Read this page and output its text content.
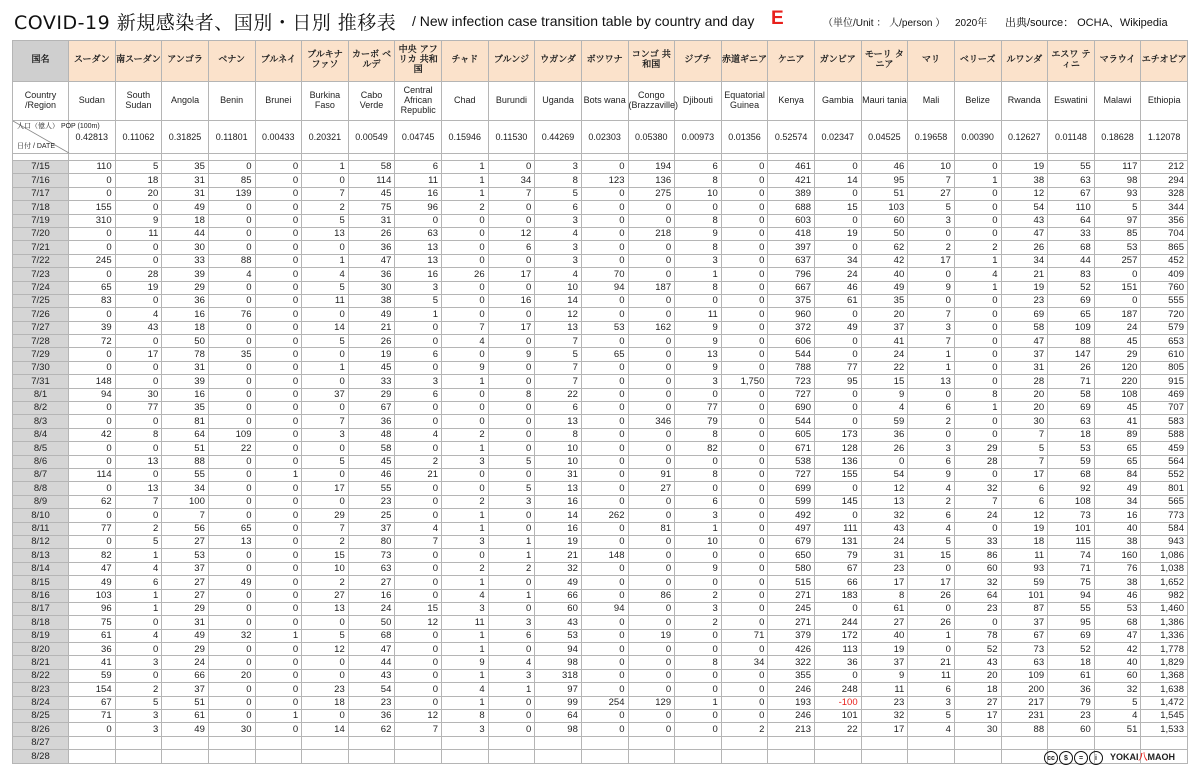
COVID-19 新規感染者、国別・日別 推移表 / New infection case transition table by country and day E	（単位/Unit ： 人/person ） 2020年 出典/source： OCHA、Wikipedia
国名	スーダン	南スーダン	アンゴラ	ベナン	ブルネイ	ブルキナ ファソ	カーボ ベルデ	中央 アフリカ 共和国	チャド	ブルンジ	ウガンダ	ボツワナ	コンゴ 共和国	ジブチ	赤道ギニア	ケニア	ガンビア	モーリ タニア	マリ	ベリーズ	ルワンダ	エスワ ティニ	マラウイ	エチオピア
Country /Region	Sudan	South Sudan	Angola	Benin	Brunei	Burkina Faso	Cabo Verde	Central African Republic	Chad	Burundi	Uganda	Bots wana	Congo (Brazzaville)	Djibouti	Equatorial Guinea	Kenya	Gambia	Mauri tania	Mali	Belize	Rwanda	Eswatini	Malawi	Ethiopia

人口（億人） POP (100m)
日付 / DATE	0.42813	0.11062	0.31825	0.11801	0.00433	0.20321	0.00549	0.04745	0.15946	0.11530	0.44269	0.02303	0.05380	0.00973	0.01356	0.52574	0.02347	0.04525	0.19658	0.00390	0.12627	0.01148	0.18628	1.12078

7/15	110	5	35	0	0	1	58	6	1	0	3	0	194	6	0	461	0	46	10	0	19	55	117	212
7/16	0	18	31	85	0	0	114	11	1	34	8	123	136	8	0	421	14	95	7	1	38	63	98	294
7/17	0	20	31	139	0	7	45	16	1	7	5	0	275	10	0	389	0	51	27	0	12	67	93	328
7/18	155	0	49	0	0	2	75	96	2	0	6	0	0	0	0	688	15	103	5	0	54	110	5	344
7/19	310	9	18	0	0	5	31	0	0	0	3	0	0	8	0	603	0	60	3	0	43	64	97	356
7/20	0	11	44	0	0	13	26	63	0	12	4	0	218	9	0	418	19	50	0	0	47	33	85	704
7/21	0	0	30	0	0	0	36	13	0	6	3	0	0	8	0	397	0	62	2	2	26	68	53	865
7/22	245	0	33	88	0	1	47	13	0	0	3	0	0	3	0	637	34	42	17	1	34	44	257	452
7/23	0	28	39	4	0	4	36	16	26	17	4	70	0	1	0	796	24	40	0	4	21	83	0	409
7/24	65	19	29	0	0	5	30	3	0	0	10	94	187	8	0	667	46	49	9	1	19	52	151	760
7/25	83	0	36	0	0	11	38	5	0	16	14	0	0	0	0	375	61	35	0	0	23	69	0	555
7/26	0	4	16	76	0	0	49	1	0	0	12	0	0	11	0	960	0	20	7	0	69	65	187	720
7/27	39	43	18	0	0	14	21	0	7	17	13	53	162	9	0	372	49	37	3	0	58	109	24	579
7/28	72	0	50	0	0	5	26	0	4	0	7	0	0	9	0	606	0	41	7	0	47	88	45	653
7/29	0	17	78	35	0	0	19	6	0	9	5	65	0	13	0	544	0	24	1	0	37	147	29	610
7/30	0	0	31	0	0	1	45	0	9	0	7	0	0	9	0	788	77	22	1	0	31	26	120	805
7/31	148	0	39	0	0	0	33	3	1	0	7	0	0	3	1,750	723	95	15	13	0	28	71	220	915
8/1	94	30	16	0	0	37	29	6	0	8	22	0	0	0	0	727	0	9	0	8	20	58	108	469
8/2	0	77	35	0	0	0	67	0	0	0	6	0	0	77	0	690	0	4	6	1	20	69	45	707
8/3	0	0	81	0	0	7	36	0	0	0	13	0	346	79	0	544	0	59	2	0	30	63	41	583
8/4	42	8	64	109	0	3	48	4	2	0	8	0	0	8	0	605	173	36	0	0	7	18	89	588
8/5	0	0	51	22	0	0	58	0	1	0	10	0	0	82	0	671	128	26	3	29	5	53	65	459
8/6	0	13	88	0	0	5	45	2	3	5	10	0	0	0	0	538	136	0	6	28	7	59	65	564
8/7	114	0	55	0	1	0	46	21	0	0	31	0	91	8	0	727	155	54	9	0	17	68	84	552
8/8	0	13	34	0	0	17	55	0	0	5	13	0	27	0	0	699	0	12	4	32	6	92	49	801
8/9	62	7	100	0	0	0	23	0	2	3	16	0	0	6	0	599	145	13	2	7	6	108	34	565
8/10	0	0	7	0	0	29	25	0	1	0	14	262	0	3	0	492	0	32	6	24	12	73	16	773
8/11	77	2	56	65	0	7	37	4	1	0	16	0	81	1	0	497	111	43	4	0	19	101	40	584
8/12	0	5	27	13	0	2	80	7	3	1	19	0	0	10	0	679	131	24	5	33	18	115	38	943
8/13	82	1	53	0	0	15	73	0	0	1	21	148	0	0	0	650	79	31	15	86	11	74	160	1,086
8/14	47	4	37	0	0	10	63	0	2	2	32	0	0	9	0	580	67	23	0	60	93	71	76	1,038
8/15	49	6	27	49	0	2	27	0	1	0	49	0	0	0	0	515	66	17	17	32	59	75	38	1,652
8/16	103	1	27	0	0	27	16	0	4	1	66	0	86	2	0	271	183	8	26	64	101	94	46	982
8/17	96	1	29	0	0	13	24	15	3	0	60	94	0	3	0	245	0	61	0	23	87	55	53	1,460
8/18	75	0	31	0	0	0	50	12	11	3	43	0	0	2	0	271	244	27	26	0	37	95	68	1,386
8/19	61	4	49	32	1	5	68	0	1	6	53	0	19	0	71	379	172	40	1	78	67	69	47	1,336
8/20	36	0	29	0	0	12	47	0	1	0	94	0	0	0	0	426	113	19	0	52	73	52	42	1,778
8/21	41	3	24	0	0	0	44	0	9	4	98	0	0	8	34	322	36	37	21	43	63	18	40	1,829
8/22	59	0	66	20	0	0	43	0	1	3	318	0	0	0	0	355	0	9	11	20	109	61	60	1,368
8/23	154	2	37	0	0	23	54	0	4	1	97	0	0	0	0	246	248	11	6	18	200	36	32	1,638
8/24	67	5	51	0	0	18	23	0	1	0	99	254	129	1	0	193	-100	23	3	27	217	79	5	1,472
8/25	71	3	61	0	1	0	36	12	8	0	64	0	0	0	0	246	101	32	5	17	231	23	4	1,545
8/26	0	3	49	30	0	14	62	7	3	0	98	0	0	0	2	213	22	17	4	30	88	60	51	1,533
8/27																								
8/28																									cc $ = i	YOKAI八MAOH
